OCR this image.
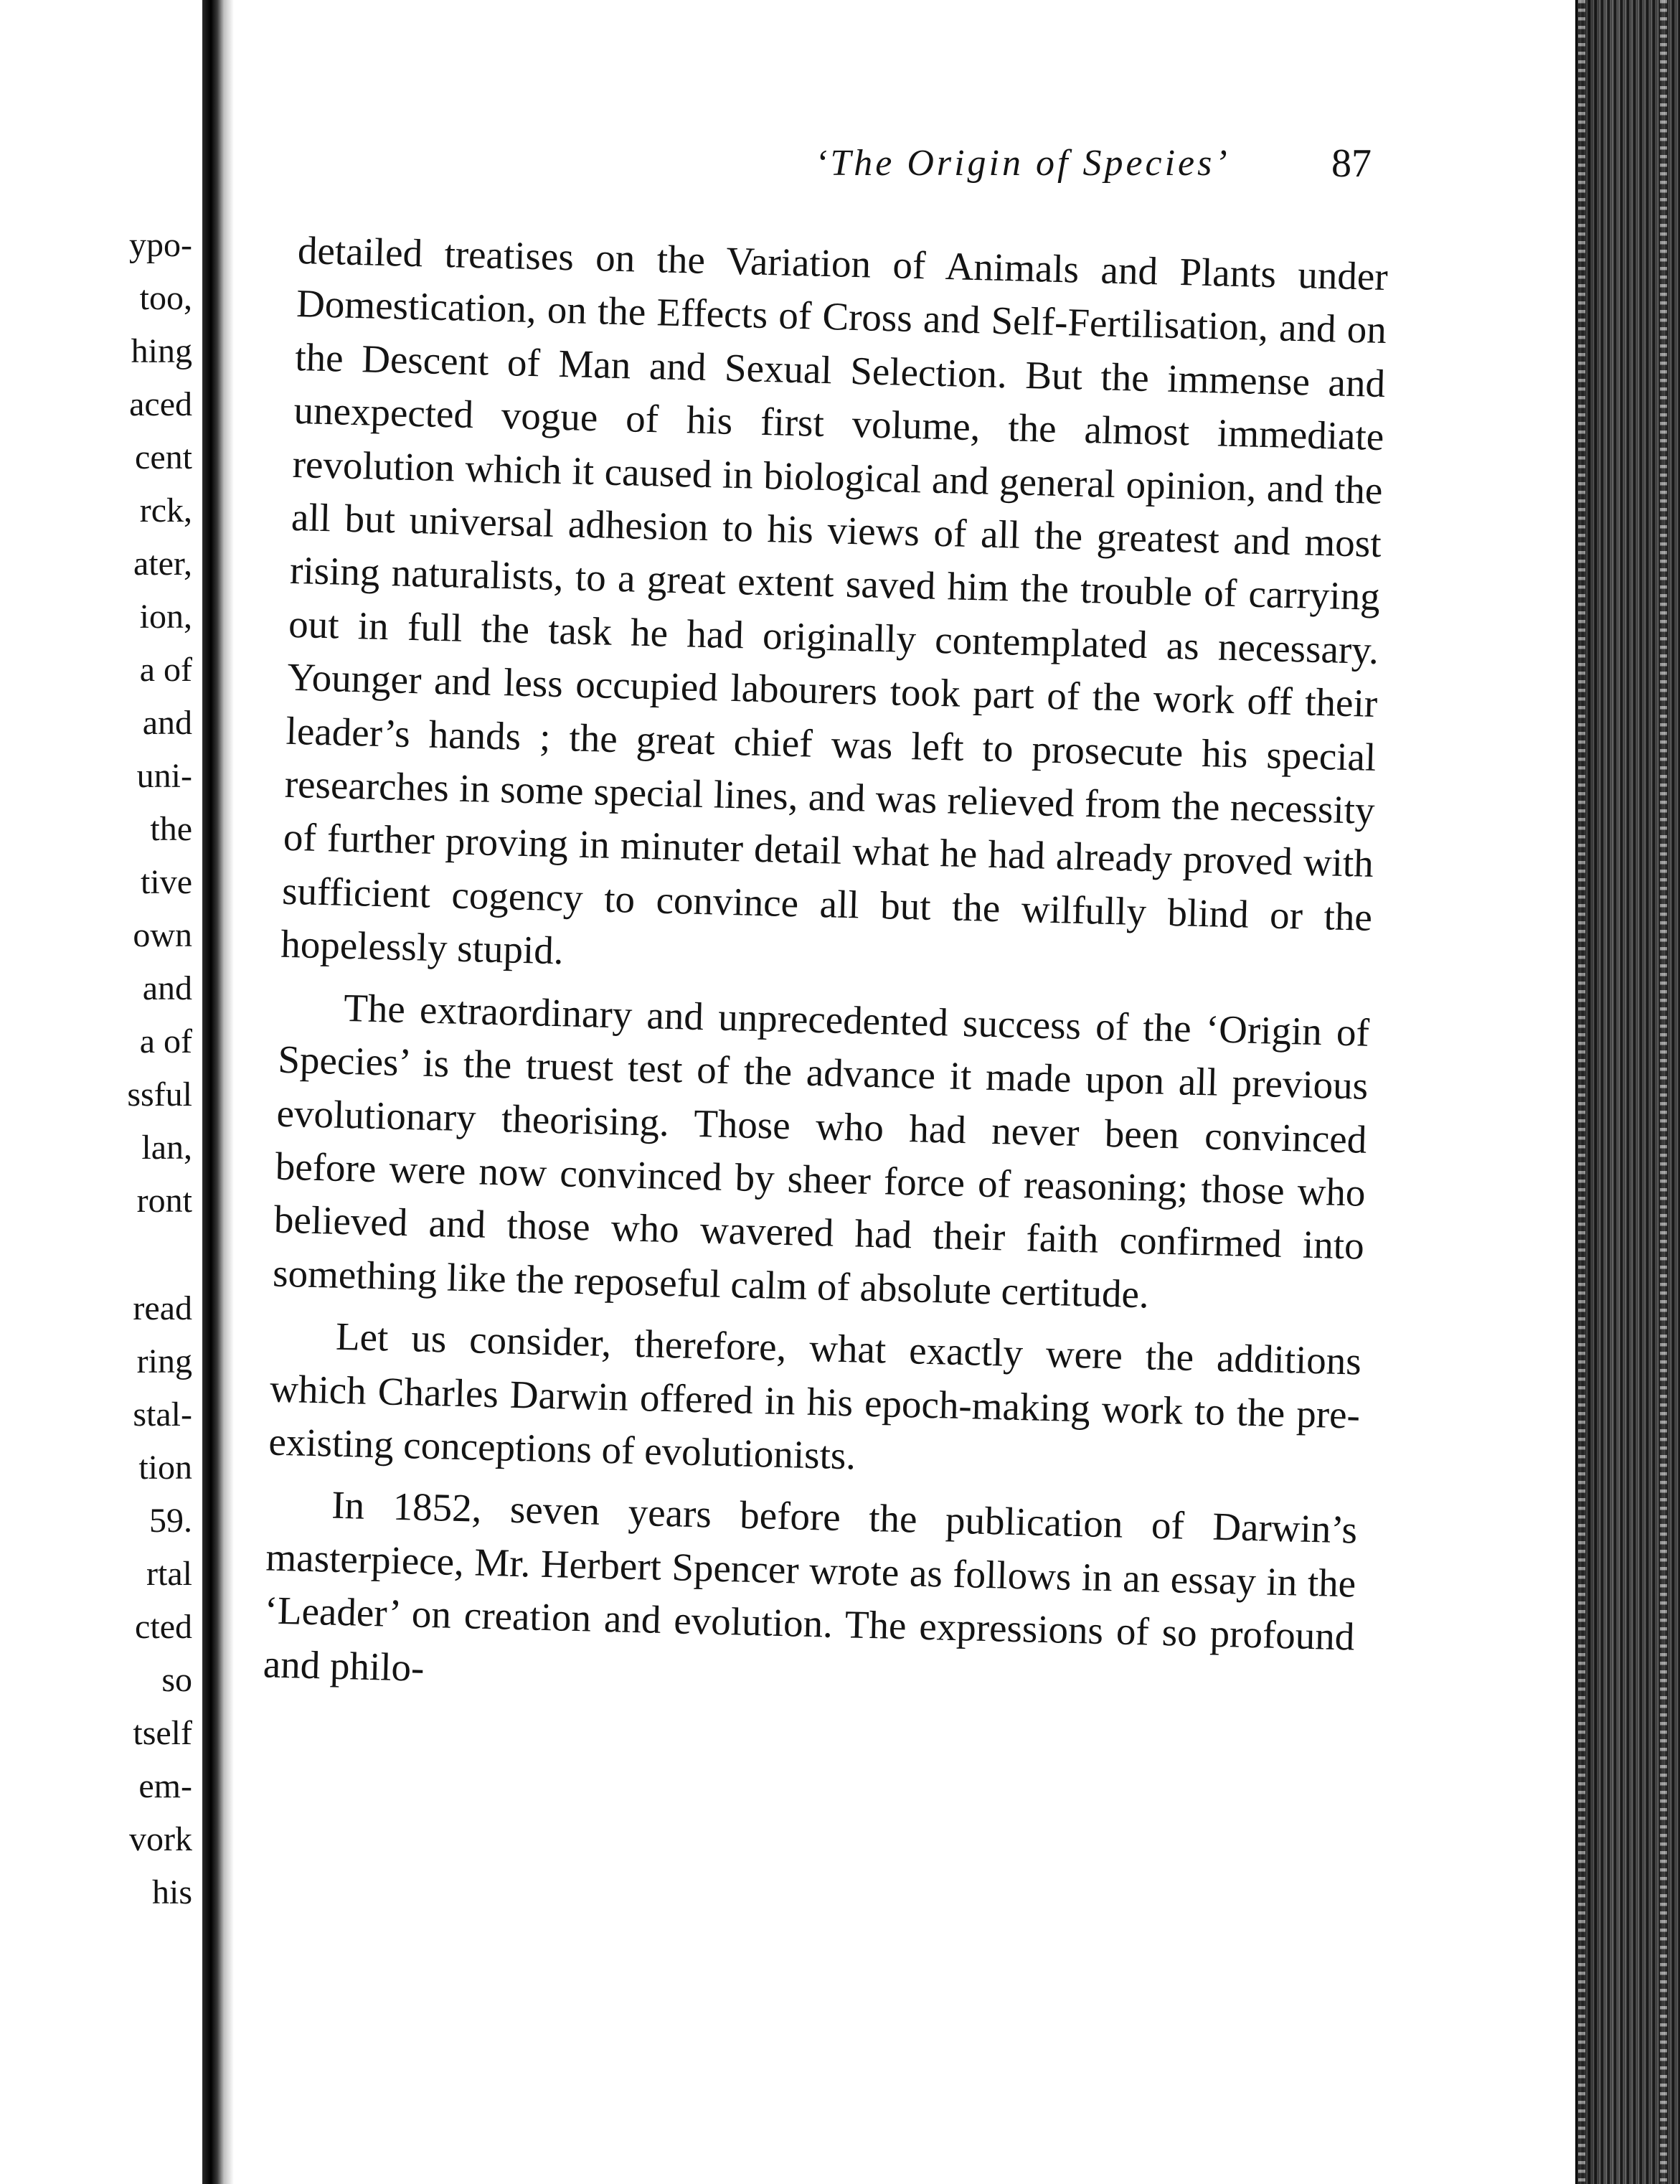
ypo-
too,
hing
aced
cent
rck,
ater,
ion,
a of
and
uni-
the
tive
own
and
a of
ssful
lan,
ront
read
ring
stal-
tion
59.
rtal
cted
so
tself
em-
vork
his
‘The Origin of Species’	87

detailed treatises on the Variation of Animals and Plants under Domestication, on the Effects of Cross and Self-Fertilisation, and on the Descent of Man and Sexual Selection. But the immense and unexpected vogue of his first volume, the almost immediate revolution which it caused in biological and general opinion, and the all but universal adhesion to his views of all the greatest and most rising naturalists, to a great extent saved him the trouble of carrying out in full the task he had originally contemplated as necessary. Younger and less occupied labourers took part of the work off their leader’s hands ; the great chief was left to prosecute his special researches in some special lines, and was relieved from the necessity of further proving in minuter detail what he had already proved with sufficient cogency to convince all but the wilfully blind or the hopelessly stupid.

The extraordinary and unprecedented success of the ‘Origin of Species’ is the truest test of the advance it made upon all previous evolutionary theorising. Those who had never been convinced before were now convinced by sheer force of reasoning; those who believed and those who wavered had their faith confirmed into something like the reposeful calm of absolute certitude.

Let us consider, therefore, what exactly were the additions which Charles Darwin offered in his epoch-making work to the pre-existing conceptions of evolutionists.

In 1852, seven years before the publication of Darwin’s masterpiece, Mr. Herbert Spencer wrote as follows in an essay in the ‘Leader’ on creation and evolution. The expressions of so profound and philo-
